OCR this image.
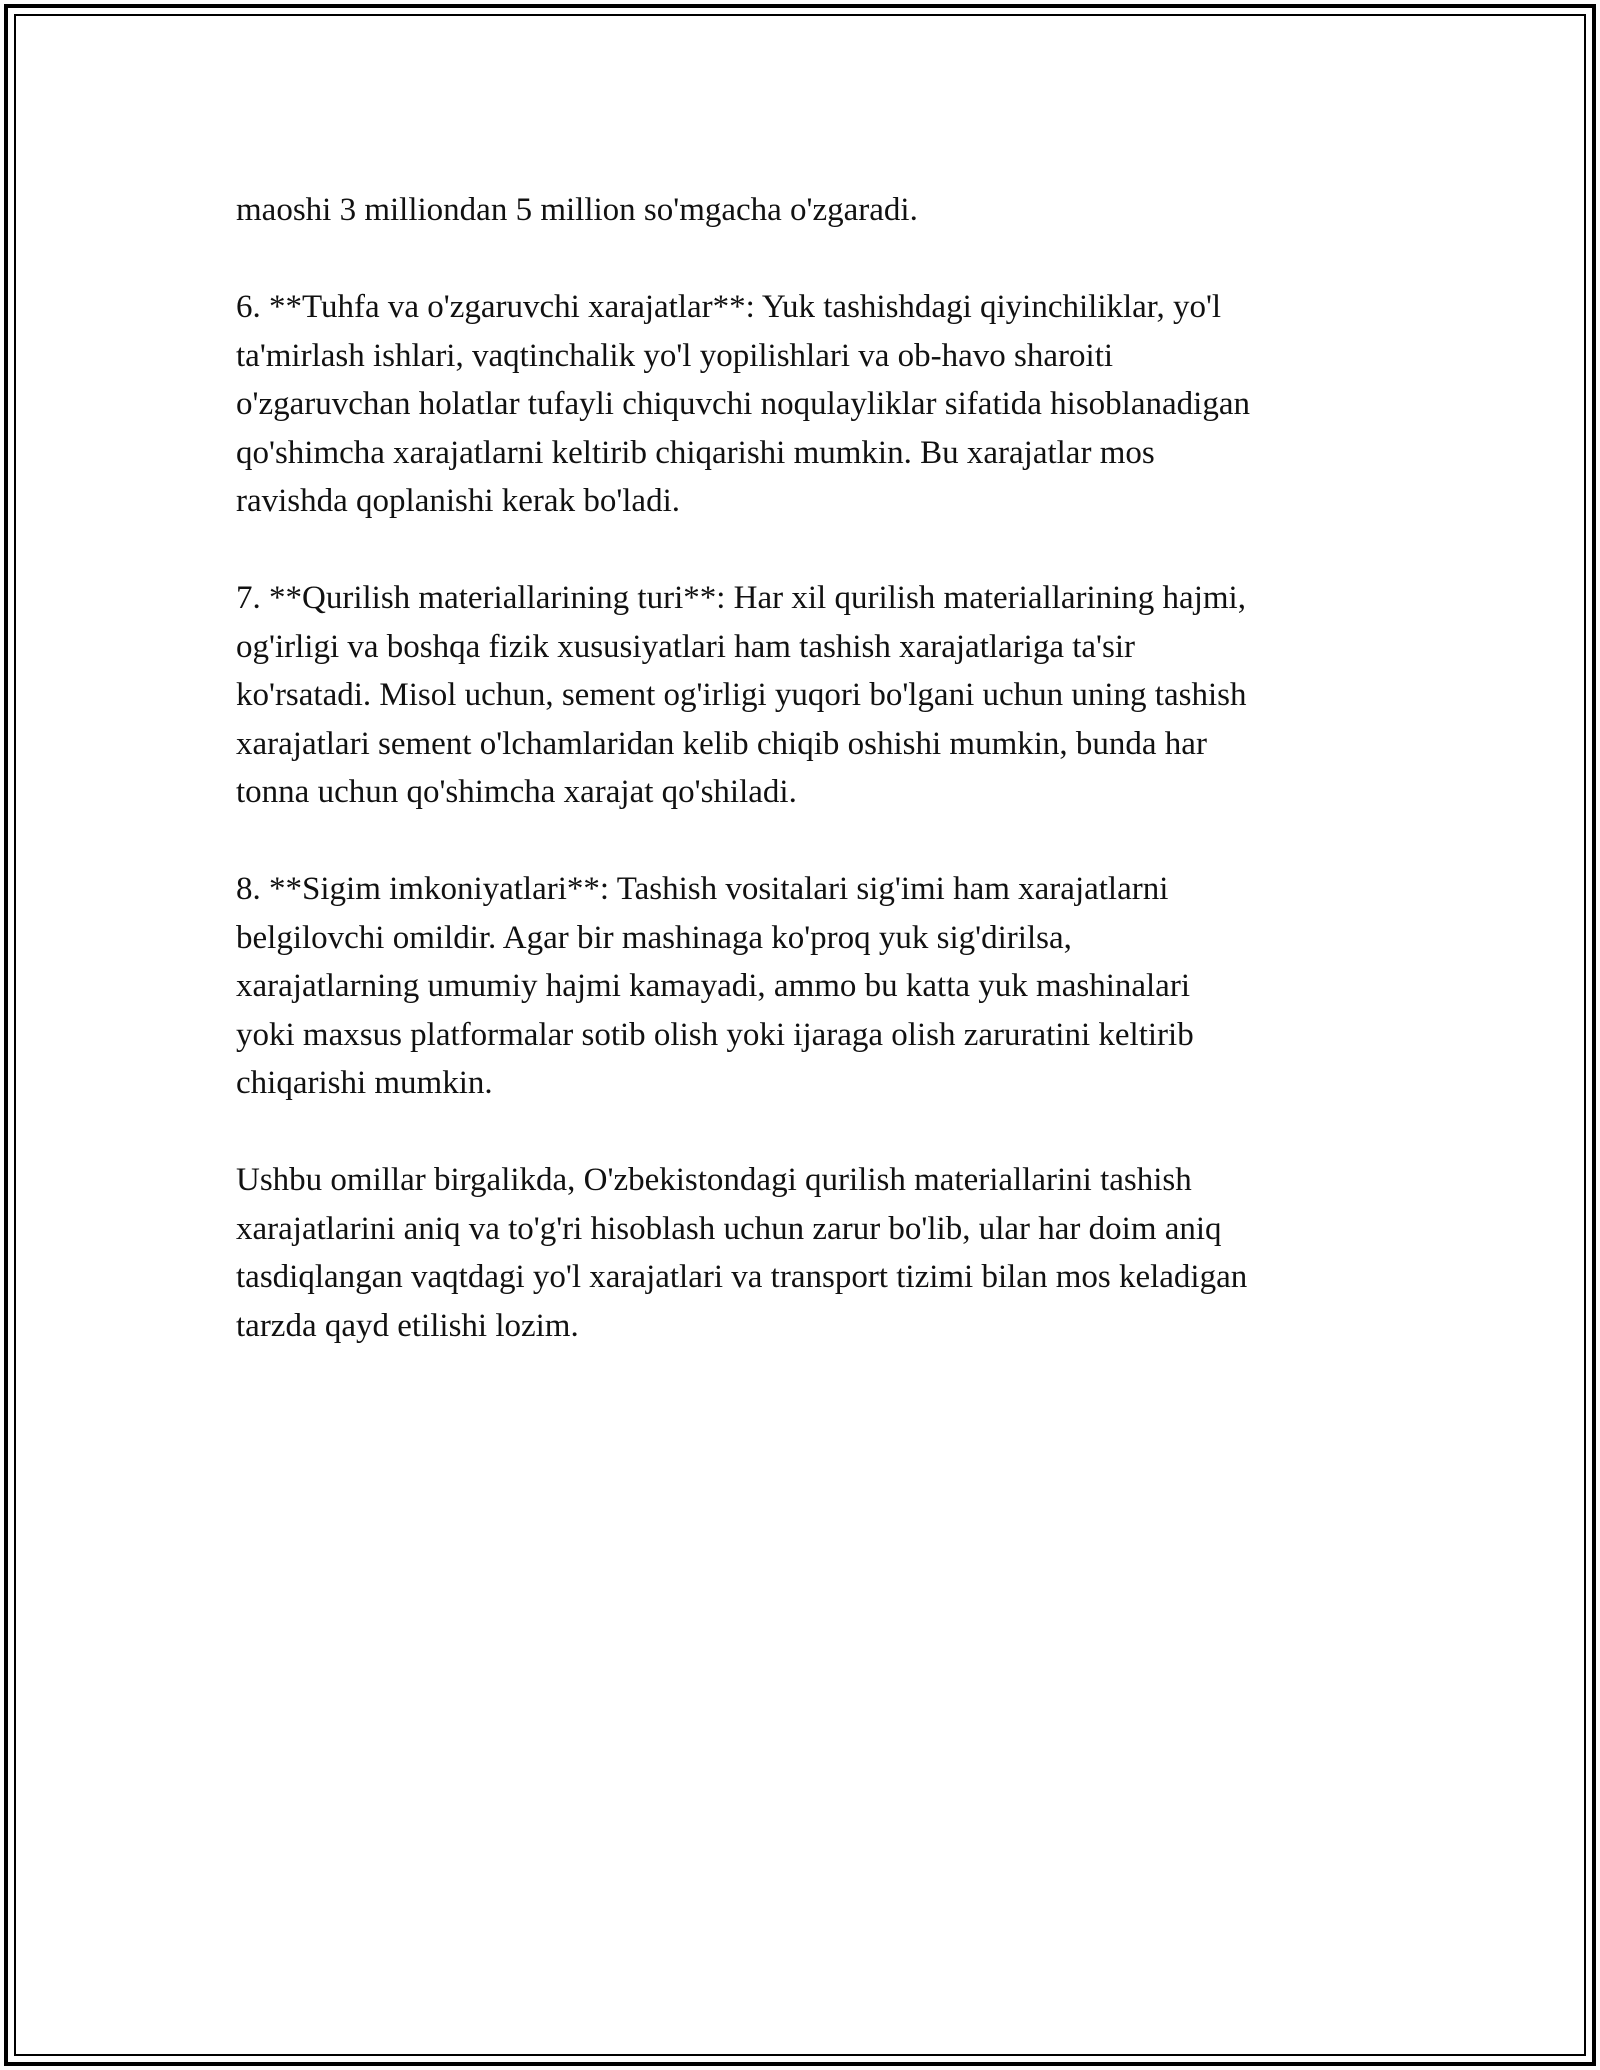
maoshi 3 milliondan 5 million so'mgacha o'zgaradi.

6. **Tuhfa va o'zgaruvchi xarajatlar**: Yuk tashishdagi qiyinchiliklar, yo'l
ta'mirlash ishlari, vaqtinchalik yo'l yopilishlari va ob-havo sharoiti
o'zgaruvchan holatlar tufayli chiquvchi noqulayliklar sifatida hisoblanadigan
qo'shimcha xarajatlarni keltirib chiqarishi mumkin. Bu xarajatlar mos
ravishda qoplanishi kerak bo'ladi.

7. **Qurilish materiallarining turi**: Har xil qurilish materiallarining hajmi,
og'irligi va boshqa fizik xususiyatlari ham tashish xarajatlariga ta'sir
ko'rsatadi. Misol uchun, sement og'irligi yuqori bo'lgani uchun uning tashish
xarajatlari sement o'lchamlaridan kelib chiqib oshishi mumkin, bunda har
tonna uchun qo'shimcha xarajat qo'shiladi.

8. **Sigim imkoniyatlari**: Tashish vositalari sig'imi ham xarajatlarni
belgilovchi omildir. Agar bir mashinaga ko'proq yuk sig'dirilsa,
xarajatlarning umumiy hajmi kamayadi, ammo bu katta yuk mashinalari
yoki maxsus platformalar sotib olish yoki ijaraga olish zaruratini keltirib
chiqarishi mumkin.

Ushbu omillar birgalikda, O'zbekistondagi qurilish materiallarini tashish
xarajatlarini aniq va to'g'ri hisoblash uchun zarur bo'lib, ular har doim aniq
tasdiqlangan vaqtdagi yo'l xarajatlari va transport tizimi bilan mos keladigan
tarzda qayd etilishi lozim.
